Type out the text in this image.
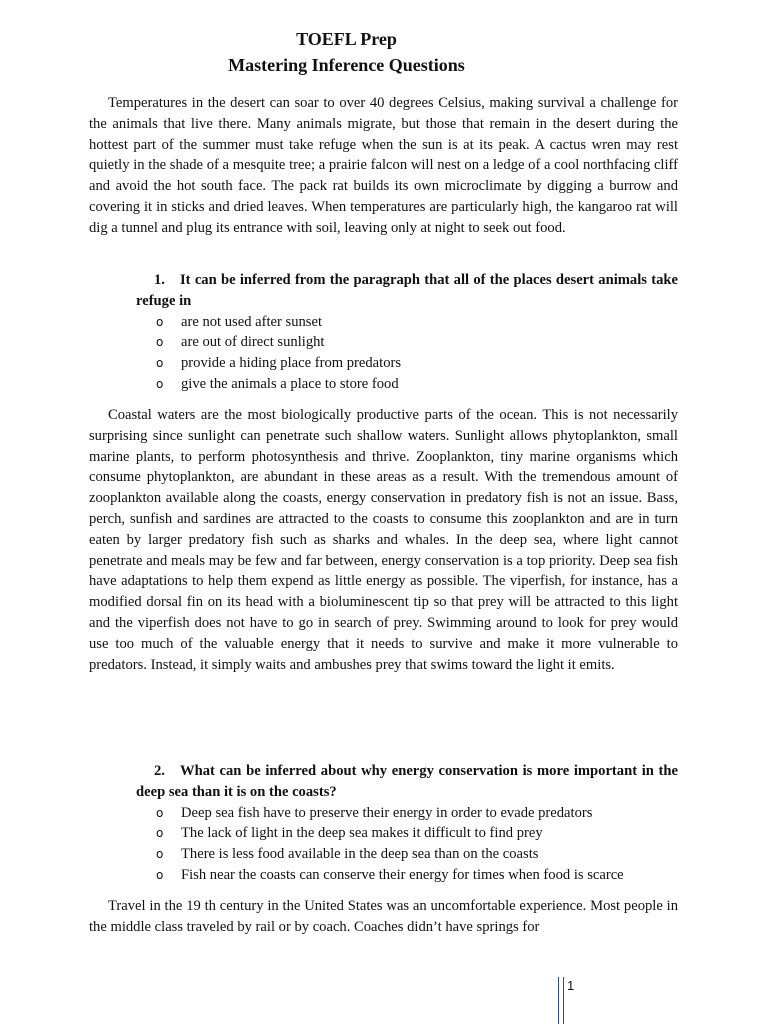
TOEFL Prep
Mastering Inference Questions

Temperatures in the desert can soar to over 40 degrees Celsius, making survival a challenge for the animals that live there. Many animals migrate, but those that remain in the desert during the hottest part of the summer must take refuge when the sun is at its peak. A cactus wren may rest quietly in the shade of a mesquite tree; a prairie falcon will nest on a ledge of a cool northfacing cliff and avoid the hot south face. The pack rat builds its own microclimate by digging a burrow and covering it in sticks and dried leaves. When temperatures are particularly high, the kangaroo rat will dig a tunnel and plug its entrance with soil, leaving only at night to seek out food.

1. It can be inferred from the paragraph that all of the places desert animals take refuge in

o are not used after sunset
o are out of direct sunlight
o provide a hiding place from predators
o give the animals a place to store food

Coastal waters are the most biologically productive parts of the ocean. This is not necessarily surprising since sunlight can penetrate such shallow waters. Sunlight allows phytoplankton, small marine plants, to perform photosynthesis and thrive. Zooplankton, tiny marine organisms which consume phytoplankton, are abundant in these areas as a result. With the tremendous amount of zooplankton available along the coasts, energy conservation in predatory fish is not an issue. Bass, perch, sunfish and sardines are attracted to the coasts to consume this zooplankton and are in turn eaten by larger predatory fish such as sharks and whales. In the deep sea, where light cannot penetrate and meals may be few and far between, energy conservation is a top priority. Deep sea fish have adaptations to help them expend as little energy as possible. The viperfish, for instance, has a modified dorsal fin on its head with a bioluminescent tip so that prey will be attracted to this light and the viperfish does not have to go in search of prey. Swimming around to look for prey would use too much of the valuable energy that it needs to survive and make it more vulnerable to predators. Instead, it simply waits and ambushes prey that swims toward the light it emits.

2. What can be inferred about why energy conservation is more important in the deep sea than it is on the coasts?

o Deep sea fish have to preserve their energy in order to evade predators
o The lack of light in the deep sea makes it difficult to find prey
o There is less food available in the deep sea than on the coasts
o Fish near the coasts can conserve their energy for times when food is scarce

Travel in the 19 th century in the United States was an uncomfortable experience. Most people in the middle class traveled by rail or by coach. Coaches didn’t have springs for

1
